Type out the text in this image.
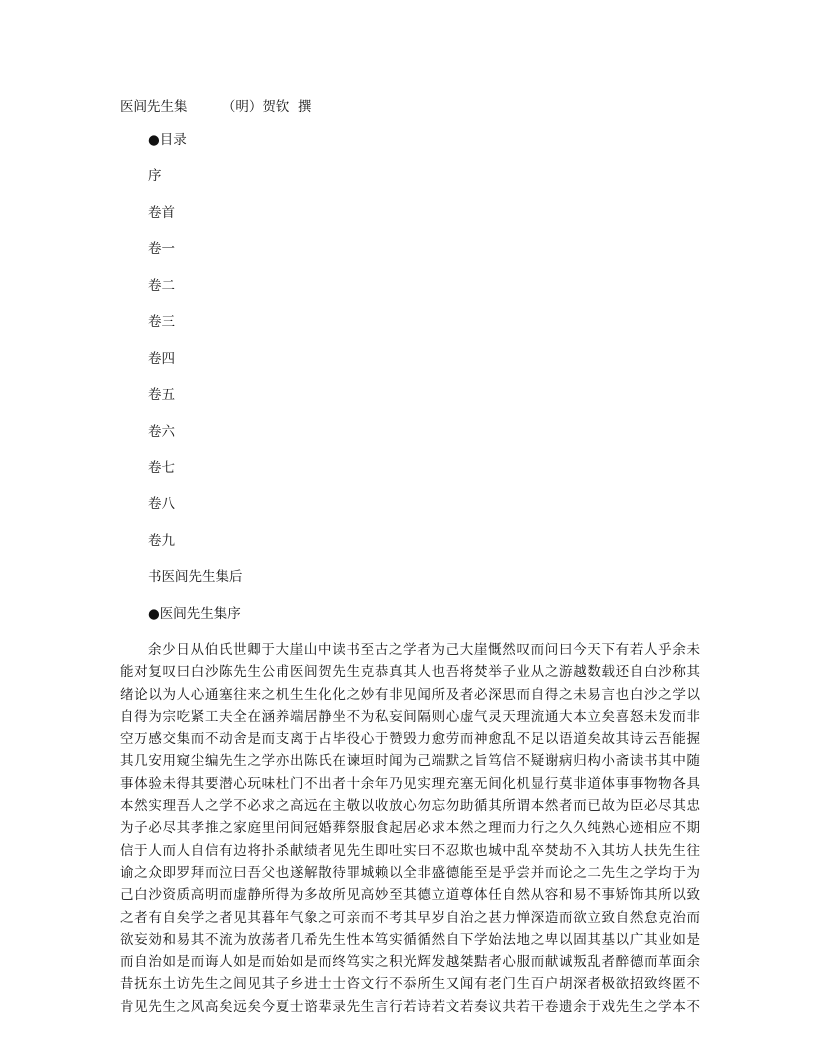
医闾先生集	（明）贺钦  撰
●目录
序
卷首
卷一
卷二
卷三
卷四
卷五
卷六
卷七
卷八
卷九
书医闾先生集后
●医闾先生集序
余少日从伯氏世卿于大崖山中读书至古之学者为己大崖慨然叹而问曰今天下有若人乎余未
能对复叹曰白沙陈先生公甫医闾贺先生克恭真其人也吾将焚举子业从之游越数载还自白沙称其
绪论以为人心通塞往来之机生生化化之妙有非见闻所及者必深思而自得之未易言也白沙之学以
自得为宗吃紧工夫全在涵养端居静坐不为私妄间隔则心虚气灵天理流通大本立矣喜怒未发而非
空万感交集而不动舍是而支离于占毕役心于赞毁力愈劳而神愈乱不足以语道矣故其诗云吾能握
其几安用窥尘编先生之学亦出陈氏在谏垣时闻为己端默之旨笃信不疑谢病归构小斋读书其中随
事体验未得其要潜心玩味杜门不出者十余年乃见实理充塞无间化机显行莫非道体事事物物各具
本然实理吾人之学不必求之高远在主敬以收放心勿忘勿助循其所谓本然者而已故为臣必尽其忠
为子必尽其孝推之家庭里闬间冠婚葬祭服食起居必求本然之理而力行之久久纯熟心迹相应不期
信于人而人自信有边将扑杀献绩者见先生即吐实曰不忍欺也城中乱卒焚劫不入其坊人扶先生往
谕之众即罗拜而泣曰吾父也遂解散待罪城赖以全非盛德能至是乎尝并而论之二先生之学均于为
己白沙资质高明而虚静所得为多故所见高妙至其德立道尊体任自然从容和易不事矫饰其所以致
之者有自矣学之者见其暮年气象之可亲而不考其早岁自治之甚力惮深造而欲立致自然怠克治而
欲妄効和易其不流为放荡者几希先生性本笃实循循然自下学始法地之卑以固其基以广其业如是
而自治如是而诲人如是而始如是而终笃实之积光辉发越桀黠者心服而献诚叛乱者醉德而革面余
昔抚东土访先生之闾见其子乡进士士咨文行不忝所生又闻有老门生百户胡深者极欲招致终匿不
肯见先生之风高矣远矣今夏士谘辈录先生言行若诗若文若奏议共若干卷遗余于戏先生之学本不
